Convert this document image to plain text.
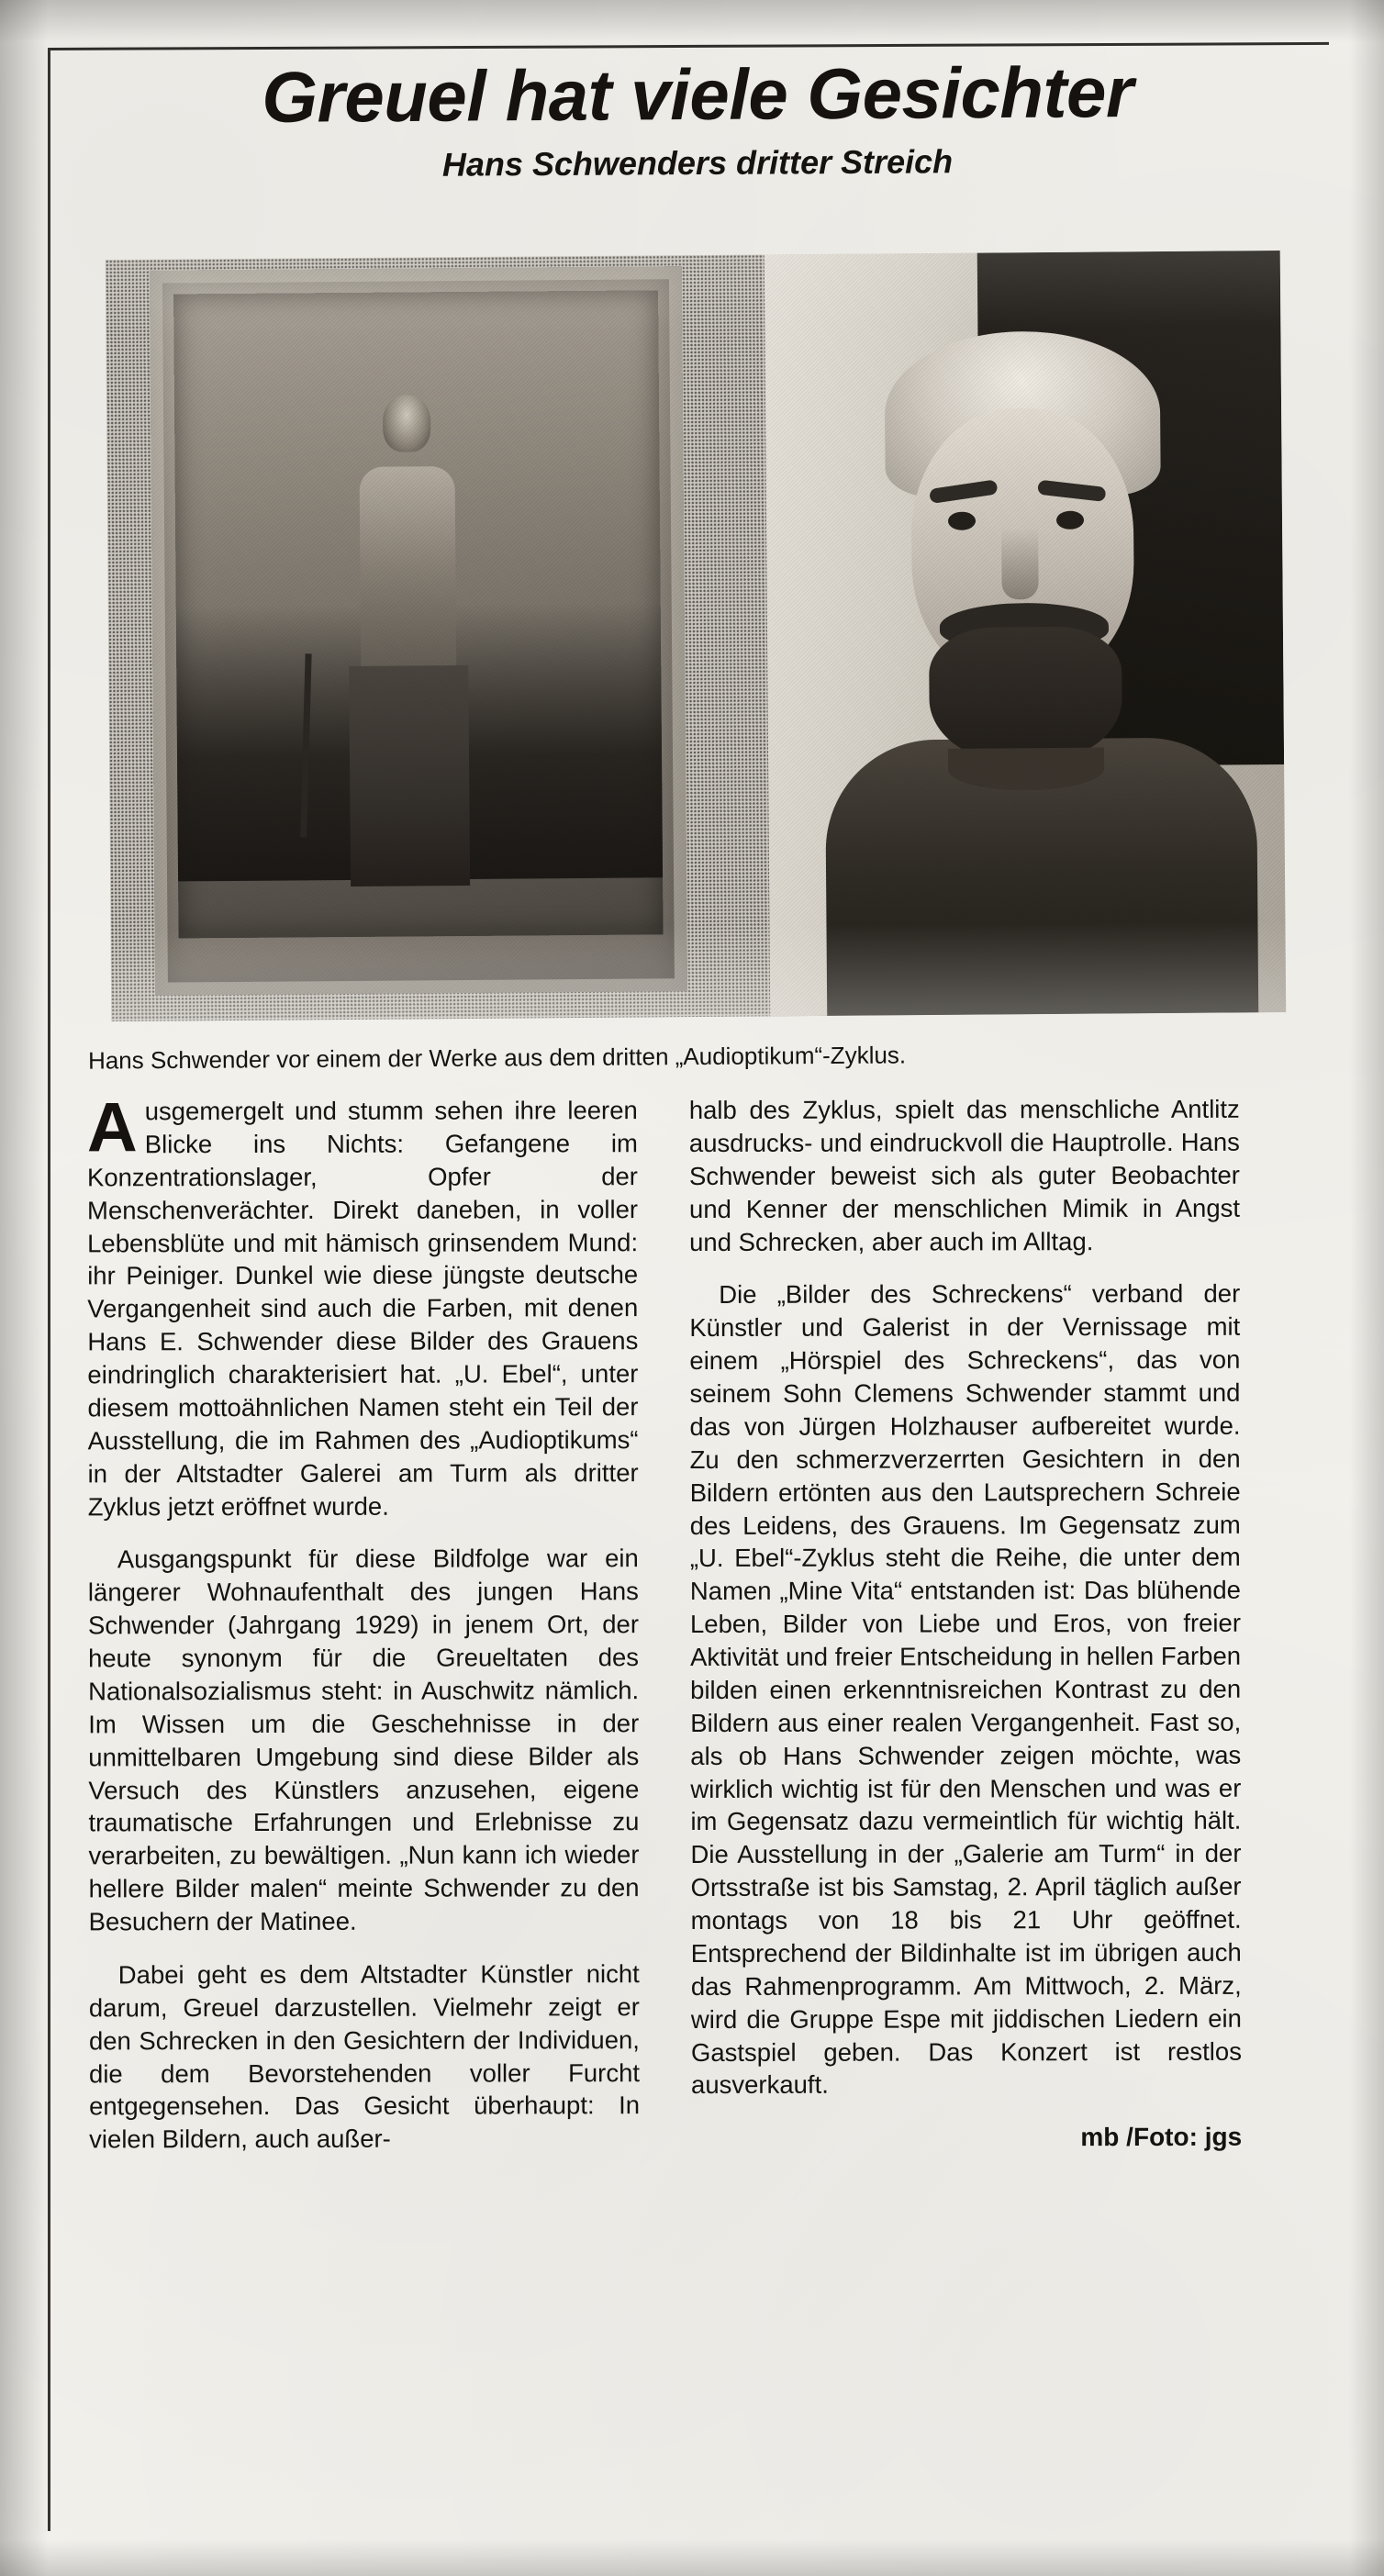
Greuel hat viele Gesichter
Hans Schwenders dritter Streich
Hans Schwender vor einem der Werke aus dem dritten „Audioptikum“-Zyklus.

Ausgemergelt und stumm sehen ihre leeren Blicke ins Nichts: Gefangene im Konzentrationslager, Opfer der Menschenverächter. Direkt daneben, in voller Lebensblüte und mit hämisch grinsendem Mund: ihr Peiniger. Dunkel wie diese jüngste deutsche Vergangenheit sind auch die Farben, mit denen Hans E. Schwender diese Bilder des Grauens eindringlich charakterisiert hat. „U. Ebel“, unter diesem mottoähnlichen Namen steht ein Teil der Ausstellung, die im Rahmen des „Audioptikums“ in der Altstadter Galerei am Turm als dritter Zyklus jetzt eröffnet wurde.

Ausgangspunkt für diese Bildfolge war ein längerer Wohnaufenthalt des jungen Hans Schwender (Jahrgang 1929) in jenem Ort, der heute synonym für die Greueltaten des Nationalsozialismus steht: in Auschwitz nämlich. Im Wissen um die Geschehnisse in der unmittelbaren Umgebung sind diese Bilder als Versuch des Künstlers anzusehen, eigene traumatische Erfahrungen und Erlebnisse zu verarbeiten, zu bewältigen. „Nun kann ich wieder hellere Bilder malen“ meinte Schwender zu den Besuchern der Matinee.

Dabei geht es dem Altstadter Künstler nicht darum, Greuel darzustellen. Vielmehr zeigt er den Schrecken in den Gesichtern der Individuen, die dem Bevorstehenden voller Furcht entgegensehen. Das Gesicht überhaupt: In vielen Bildern, auch außer-

halb des Zyklus, spielt das menschliche Antlitz ausdrucks- und eindruckvoll die Hauptrolle. Hans Schwender beweist sich als guter Beobachter und Kenner der menschlichen Mimik in Angst und Schrecken, aber auch im Alltag.

Die „Bilder des Schreckens“ verband der Künstler und Galerist in der Vernissage mit einem „Hörspiel des Schreckens“, das von seinem Sohn Clemens Schwender stammt und das von Jürgen Holzhauser aufbereitet wurde. Zu den schmerzverzerrten Gesichtern in den Bildern ertönten aus den Lautsprechern Schreie des Leidens, des Grauens. Im Gegensatz zum „U. Ebel“-Zyklus steht die Reihe, die unter dem Namen „Mine Vita“ entstanden ist: Das blühende Leben, Bilder von Liebe und Eros, von freier Aktivität und freier Entscheidung in hellen Farben bilden einen erkenntnisreichen Kontrast zu den Bildern aus einer realen Vergangenheit. Fast so, als ob Hans Schwender zeigen möchte, was wirklich wichtig ist für den Menschen und was er im Gegensatz dazu vermeintlich für wichtig hält. Die Ausstellung in der „Galerie am Turm“ in der Ortsstraße ist bis Samstag, 2. April täglich außer montags von 18 bis 21 Uhr geöffnet. Entsprechend der Bildinhalte ist im übrigen auch das Rahmenprogramm. Am Mittwoch, 2. März, wird die Gruppe Espe mit jiddischen Liedern ein Gastspiel geben. Das Konzert ist restlos ausverkauft.

mb /Foto: jgs
